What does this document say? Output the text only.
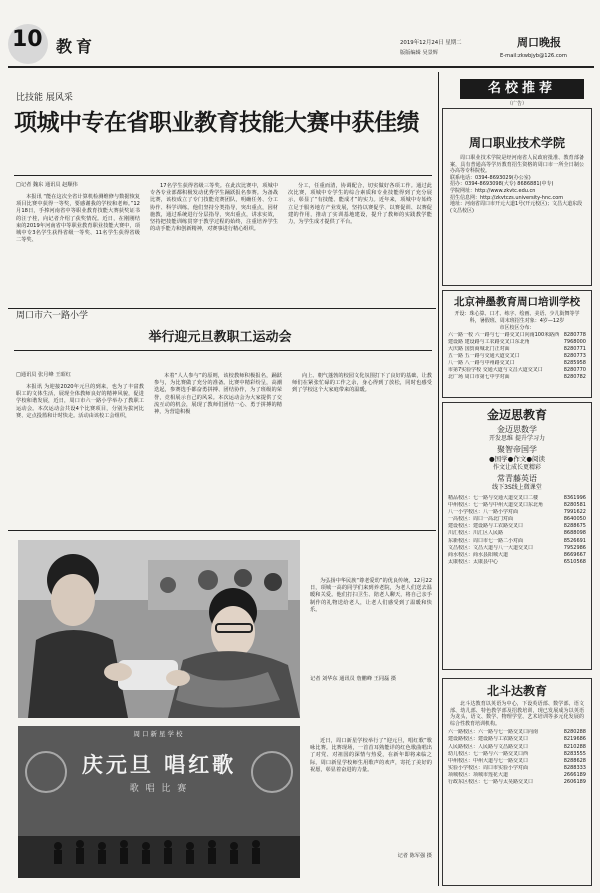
10 教育	2019年12月24日 星期二	周口晚报
版版编辑 吴景辉	E-mail:zkwbjyb@126.com
比技能 展风采
项城中专在省职业教育技能大赛中获佳绩
□记者 魏东 通讯员 赵顺伟

本报讯 “能在这次全省计算机检测维修与数据恢复项目比赛中获得一等奖，要感谢我的学校和老师。”12月18日，手捧河南省中等职业教育技能大赛获奖证书的汪子桂，向记者介绍了获奖情况。近日，在刚刚结束的2019年河南省中等职业教育职业技能大赛中，项城中专3名学生获得省级一等奖、11名学生获得省级二等奖、

17名学生获得省级三等奖。在此次比赛中，项城中专各专业部都积极发动优秀学生踊跃报名参赛。为备战比赛，该校成立了专门技能竞赛团队，明确任务、分工协作、科学训练。他们坚持分类指导，突出重点，因材施教，通过系统进行分层指导，突出重点，讲求实效，坚持把技能训练贯穿于教学过程的始终，注重培养学生的动手能力和创新精神，对赛事进行精心组织。

分工，任重而清，协调配合，切实做好各项工作。通过此次比赛，项城中专学生的综合素质和专业技能得到了充分展示，彰显了“有技能、能成才”的实力。近年来，项城中专始终立足于服务地方产业发展，坚持以赛促学、以赛促训、以赛促建的作用，推动了实训基地建设，提升了教师的实践教学能力，为学生成才提供了平台。

周口市六一路小学
举行迎元旦教职工运动会
□通讯员 张月峰 王昭红

本报讯 为迎接2020年元旦的到来，也为了丰富教职工的文体生活，展现全体教师良好的精神风貌，促进学校和谐发展，近日，周口市六一路小学举办了教职工运动会。本次运动会共设4个比赛项目，分别为拔河比赛、定点投篮和计时快走。活动由该校工会组织，

本着“人人参与”的原则，该校教师积极报名，踊跃参与，为比赛做了充分的准备。比赛中精彩纷呈，高潮迭起，参赛选手都奋勇拼搏、团结协作，为了班级的荣誉，竞相展示自己的风采。本次运动会为大家提供了交流互动的机会，展现了教师们团结一心、勇于拼搏的精神，为营造积极

向上、朝气蓬勃的校园文化氛围打下了良好的基础，让教师们在紧张忙碌的工作之余，身心得到了放松，同时也感受到了学校这个大家庭带来的温暖。

为弘扬中华民族“尊老爱幼”的优良传统，12月22日，项城一高的同学们来到养老院，为老人们送去温暖和关爱。他们打扫卫生、陪老人聊天，将自己亲手制作的礼物送给老人，让老人们感受到了温暖和快乐。

记者 刘华东 通讯员 詹鹏峰 王同磊 摄
周口新星学校
庆元旦 唱红歌
歌 唱 比 赛

近日，周口新星学校举行了“迎元旦，唱红歌”歌咏比赛。比赛现场，一首首耳熟能详的红色歌曲唱出了对党、对祖国的深情与热爱，在新年即将来临之际，周口新星学校师生用歌声的欢声，寄托了美好的祝愿，彰显着奋进的力量。

记者 陈军强 摄
名校推荐
（广告）
周口职业技术学院
周口职业技术学院是经河南省人民政府批准、教育部备案，具有普通高等学历教育招生资格的周口市一所全日制公办高等专科院校。
联系电话：0394-8693029(办公室)
招办：0394-8693098(大专) 8686881(中专)
学院网址：http://www.zkvtc.edu.cn
招生信息网：http://zkvtczs.university-hnc.com
地址：河南省周口市开元大道1号(开元校区)；文昌大道东段(文昌校区)
北京神墨教育周口培训学校
开设：珠心算、口才、练字、绘画、美语、少儿街舞等学科，暑假班、周末班招生对象：4岁—12岁
市区校区分布：
六一路一校 六一路与七一路交叉口向南100米路西 8280778
建设路 建设路与工农路交叉口东北角	7968000
大庆路 国贸商城北门正对面	8280771
五一路 五一路与交通大道交叉口	8280773
八一路 八一路与中州路交叉口	8285958
市第7实验学校 交通大道与文昌大道交叉口	8280770
北广场 周口市第七中学对面	8280782
金迈思教育
金迈思数学
开发思维 提升学习力
聚智帝国学
●国学●作文●阅读
作文让成长更精彩
常青藤英语
线下3S线上微课堂
精品校区：七一路与交通大道交叉口二楼	8361996
中州校区：七一路与中州大道交叉口东北角	8280581
八一小学校区：八一路小学对面	7991622
一高校区：周口一高北门对面	8640050
建设校区：建设路与工农路交叉口	8288675
川汇校区：川汇区人民路	8688098
东新校区：周口市七一路二小对面	8526691
文昌校区：文昌大道与八一大道交叉口	7952986
商水校区：商水县阳城大道	8669667
太康校区：太康县中心	6510568
北斗达教育
北斗达教育以英语为中心，下设英语部、数学部、语文部、幼儿部、特色教学部及招教培训，现已发展成为以英语为龙头，语文、数学、物理学堂、艺术培训等多元化发展的综合性教育培训机构。
六一路校区：六一路与七一路交叉口向南	8280288
建设路校区：建设路与工农路交叉口	8219686
人民路校区：人民路与文昌路交叉口	8210288
幼儿校区：七一路与六一路交叉口西	8283555
中州校区：中州大道与七一路交叉口	8288628
实验小学校区：周口市实验小学对面	8288333
项城校区：项城市莲花大道	2666189
行政东区校区：七一路与太昊路交叉口	2606189
